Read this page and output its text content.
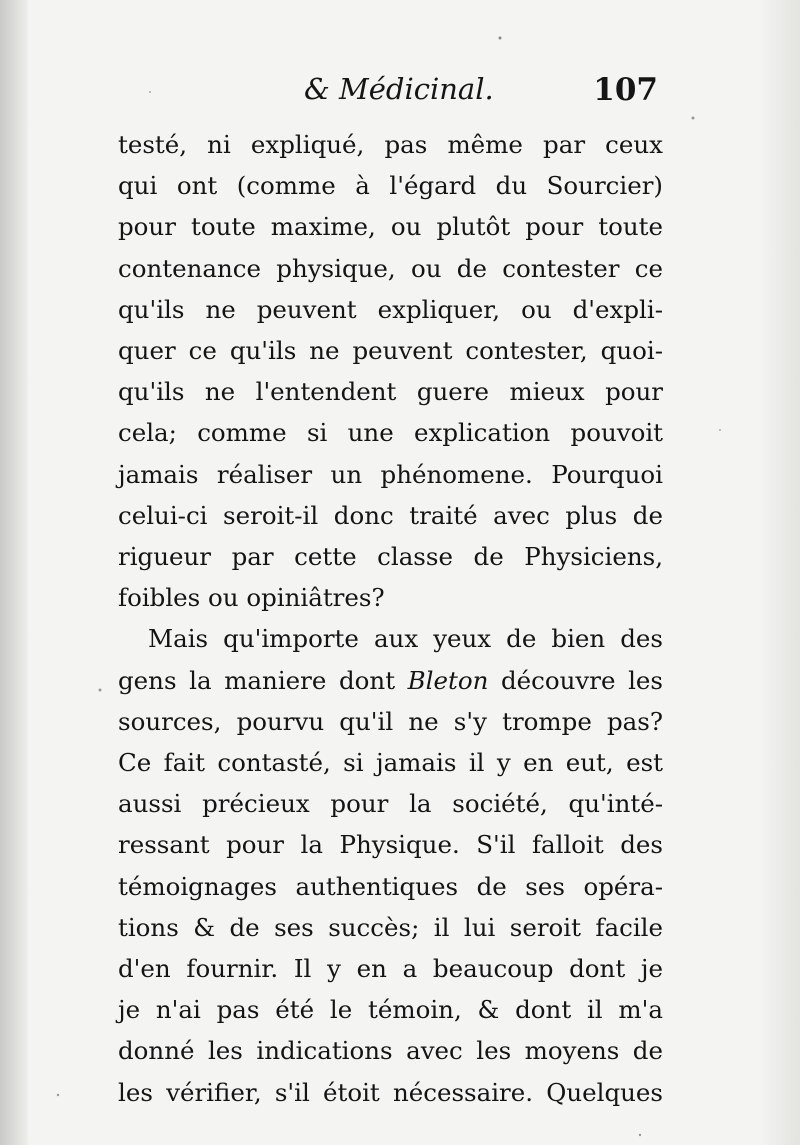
& Médicinal.	107
testé, ni expliqué, pas même par ceux
qui ont (comme à l'égard du Sourcier)
pour toute maxime, ou plutôt pour toute
contenance physique, ou de contester ce
qu'ils ne peuvent expliquer, ou d'expli-
quer ce qu'ils ne peuvent contester, quoi-
qu'ils ne l'entendent guere mieux pour
cela; comme si une explication pouvoit
jamais réaliser un phénomene. Pourquoi
celui-ci seroit-il donc traité avec plus de
rigueur par cette classe de Physiciens,
foibles ou opiniâtres?
Mais qu'importe aux yeux de bien des
gens la maniere dont Bleton découvre les
sources, pourvu qu'il ne s'y trompe pas?
Ce fait contasté, si jamais il y en eut, est
aussi précieux pour la société, qu'inté-
ressant pour la Physique. S'il falloit des
témoignages authentiques de ses opéra-
tions & de ses succès; il lui seroit facile
d'en fournir. Il y en a beaucoup dont je
je n'ai pas été le témoin, & dont il m'a
donné les indications avec les moyens de
les vérifier, s'il étoit nécessaire. Quelques
